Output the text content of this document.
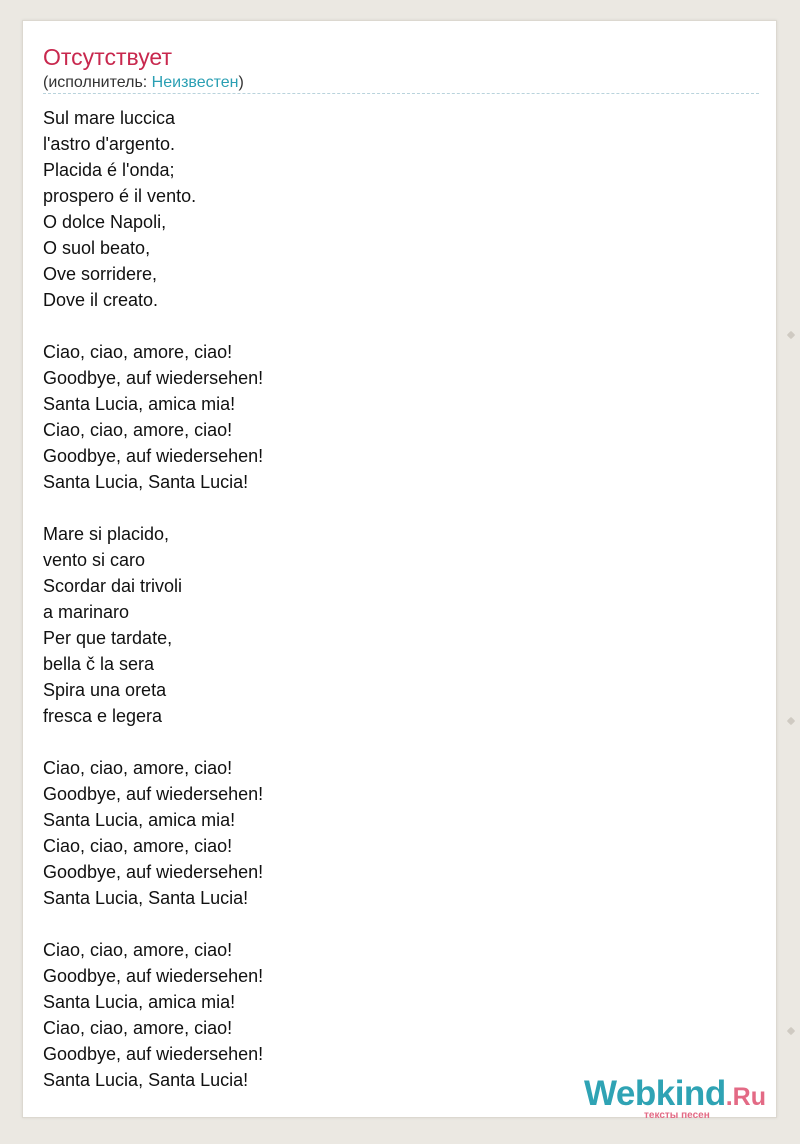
Отсутствует
(исполнитель: Неизвестен)
Sul mare luccica
l'astro d'argento.
Placida é l'onda;
prospero é il vento.
O dolce Napoli,
O suol beato,
Ove sorridere,
Dove il creato.
Ciao, ciao, amore, ciao!
Goodbye, auf wiedersehen!
Santa Lucia, amica mia!
Ciao, ciao, amore, ciao!
Goodbye, auf wiedersehen!
Santa Lucia, Santa Lucia!
Mare si placido,
vento si caro
Scordar dai trivoli
a marinaro
Per que tardate,
bella č la sera
Spira una oreta
fresca e legera
Ciao, ciao, amore, ciao!
Goodbye, auf wiedersehen!
Santa Lucia, amica mia!
Ciao, ciao, amore, ciao!
Goodbye, auf wiedersehen!
Santa Lucia, Santa Lucia!
Ciao, ciao, amore, ciao!
Goodbye, auf wiedersehen!
Santa Lucia, amica mia!
Ciao, ciao, amore, ciao!
Goodbye, auf wiedersehen!
Santa Lucia, Santa Lucia!	Webkind.Ru
тексты песен
